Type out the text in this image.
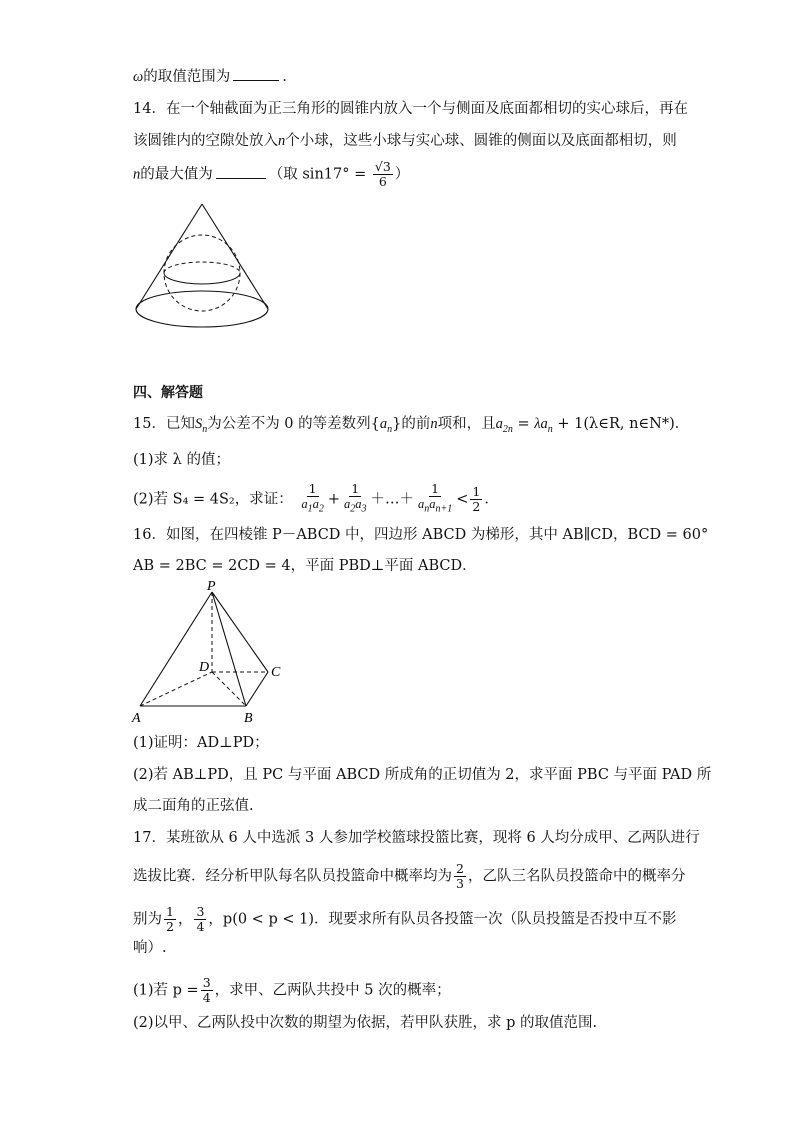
ω的取值范围为	.
14．在一个轴截面为正三角形的圆锥内放入一个与侧面及底面都相切的实心球后，再在
该圆锥内的空隙处放入n个小球，这些小球与实心球、圆锥的侧面以及底面都相切，则
n的最大值为	（取 $\sin 17^\circ = \frac{√3}{6}$ ）
四、解答题
15．已知$S_n$为公差不为 0 的等差数列$\{a_n\}$的前n项和，且$a_{2n} = \lambda a_n$ + 1(λ∈R, n∈N*)．
(1)求 λ 的值；
(2)若 S₄ = 4S₂，求证： $\frac{1}{a_1a_2} + \frac{1}{a_2a_3}$ ＋…＋ $\frac{1}{a_na_{n+1}} < \frac{1}{2}$ ．
16．如图，在四棱锥 P－ABCD 中，四边形 ABCD 为梯形，其中 AB∥CD，BCD = 60°
AB = 2BC = 2CD = 4，平面 PBD⊥平面 ABCD．
P
D	C
A	B
(1)证明：AD⊥PD；
(2)若 AB⊥PD，且 PC 与平面 ABCD 所成角的正切值为 2，求平面 PBC 与平面 PAD 所
成二面角的正弦值.
17．某班欲从 6 人中选派 3 人参加学校篮球投篮比赛，现将 6 人均分成甲、乙两队进行
选拔比赛．经分析甲队每名队员投篮命中概率均为 $\frac{2}{3}$ ，乙队三名队员投篮命中的概率分
别为 $\frac{1}{2}$ ， $\frac{3}{4}$ ，p(0 < p < 1)．现要求所有队员各投篮一次（队员投篮是否投中互不影
响）.
(1)若 $p = \frac{3}{4}$ ，求甲、乙两队共投中 5 次的概率；
(2)以甲、乙两队投中次数的期望为依据，若甲队获胜，求 p 的取值范围.
